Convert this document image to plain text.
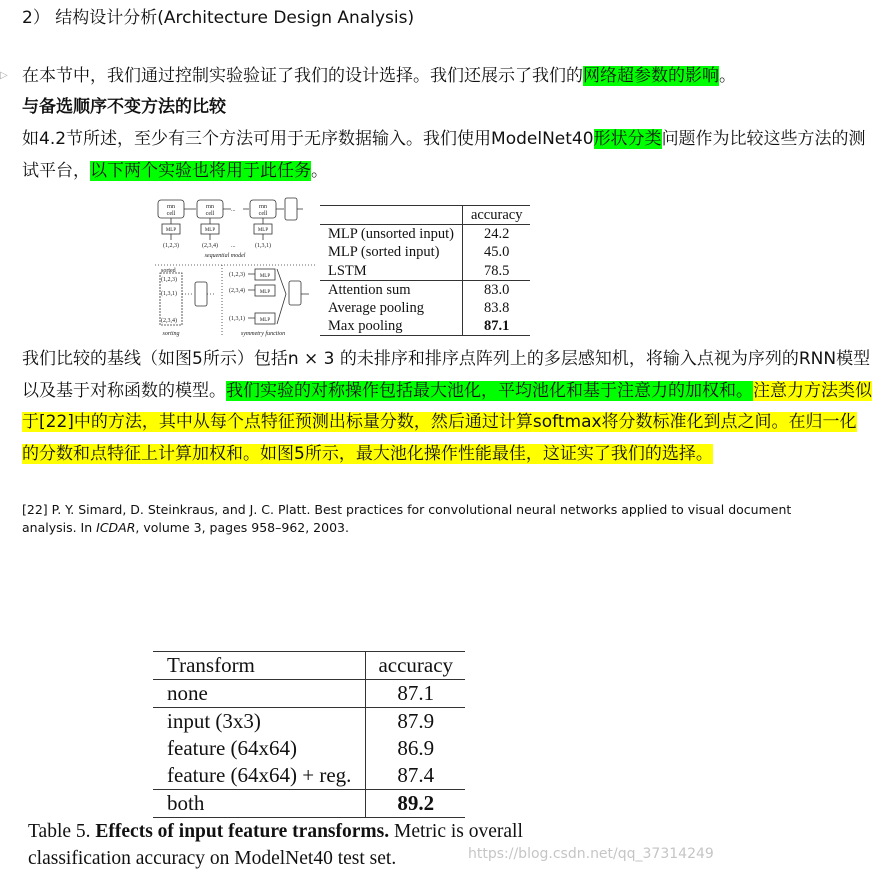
▷
2） 结构设计分析(Architecture Design Analysis)
在本节中，我们通过控制实验验证了我们的设计选择。我们还展示了我们的网络超参数的影响。
与备选顺序不变方法的比较
如4.2节所述，至少有三个方法可用于无序数据输入。我们使用ModelNet40形状分类问题作为比较这些方法的测试平台，以下两个实验也将用于此任务。
rnn
cell
rnn
cell
rnn
cell
...
MLP	MLP	MLP
(1,2,3)	(2,3,4)	(1,3,1)
...
sequential model
sorted
(1,2,3)
(1,3,1)
(2,3,4)
sorting
(1,2,3)
(2,3,4)
(1,3,1)
MLP
MLP
MLP
symmetry function
	accuracy
MLP (unsorted input)	24.2
MLP (sorted input)	45.0
LSTM	78.5
Attention sum	83.0
Average pooling	83.8
Max pooling	87.1
我们比较的基线（如图5所示）包括n × 3 的未排序和排序点阵列上的多层感知机，将输入点视为序列的RNN模型以及基于对称函数的模型。我们实验的对称操作包括最大池化，平均池化和基于注意力的加权和。注意力方法类似于[22]中的方法，其中从每个点特征预测出标量分数，然后通过计算softmax将分数标准化到点之间。在归一化的分数和点特征上计算加权和。如图5所示，最大池化操作性能最佳，这证实了我们的选择。
[22] P. Y. Simard, D. Steinkraus, and J. C. Platt. Best practices for convolutional neural networks applied to visual document analysis. In ICDAR, volume 3, pages 958–962, 2003.
Transform	accuracy
none	87.1
input (3x3)	87.9
feature (64x64)	86.9
feature (64x64) + reg.	87.4
both	89.2
Table 5. Effects of input feature transforms. Metric is overall classification accuracy on ModelNet40 test set.	https://blog.csdn.net/qq_37314249
